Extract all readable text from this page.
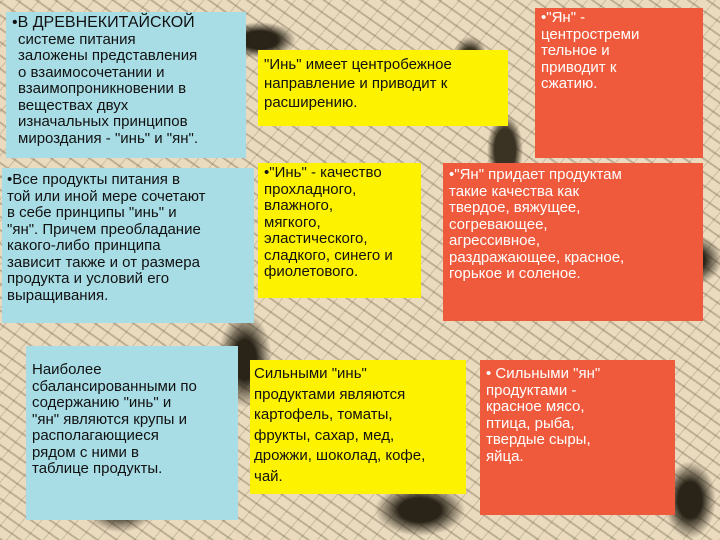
•В ДРЕВНЕКИТАЙСКОЙ
системе питания
заложены представления
о взаимосочетании и
взаимопроникновении в
веществах двух
изначальных принципов
мироздания - "инь" и "ян".
"Инь" имеет центробежное
направление и приводит к
расширению.
•"Ян" -
центростреми
тельное и
приводит к
сжатию.
•Все продукты питания в
той или иной мере сочетают
в себе принципы "инь" и
"ян". Причем преобладание
какого-либо принципа
зависит также и от размера
продукта и условий его
выращивания.
•"Инь" - качество
прохладного,
влажного,
мягкого,
эластического,
сладкого, синего и
фиолетового.
•"Ян" придает продуктам
такие качества как
твердое, вяжущее,
согревающее,
агрессивное,
раздражающее, красное,
горькое и соленое.
Наиболее
сбалансированными по
содержанию "инь" и
"ян" являются крупы и
располагающиеся
рядом с ними в
таблице продукты.
Сильными "инь"
продуктами являются
картофель, томаты,
фрукты, сахар, мед,
дрожжи, шоколад, кофе,
чай.
• Сильными "ян"
продуктами -
красное мясо,
птица, рыба,
твердые сыры,
яйца.
